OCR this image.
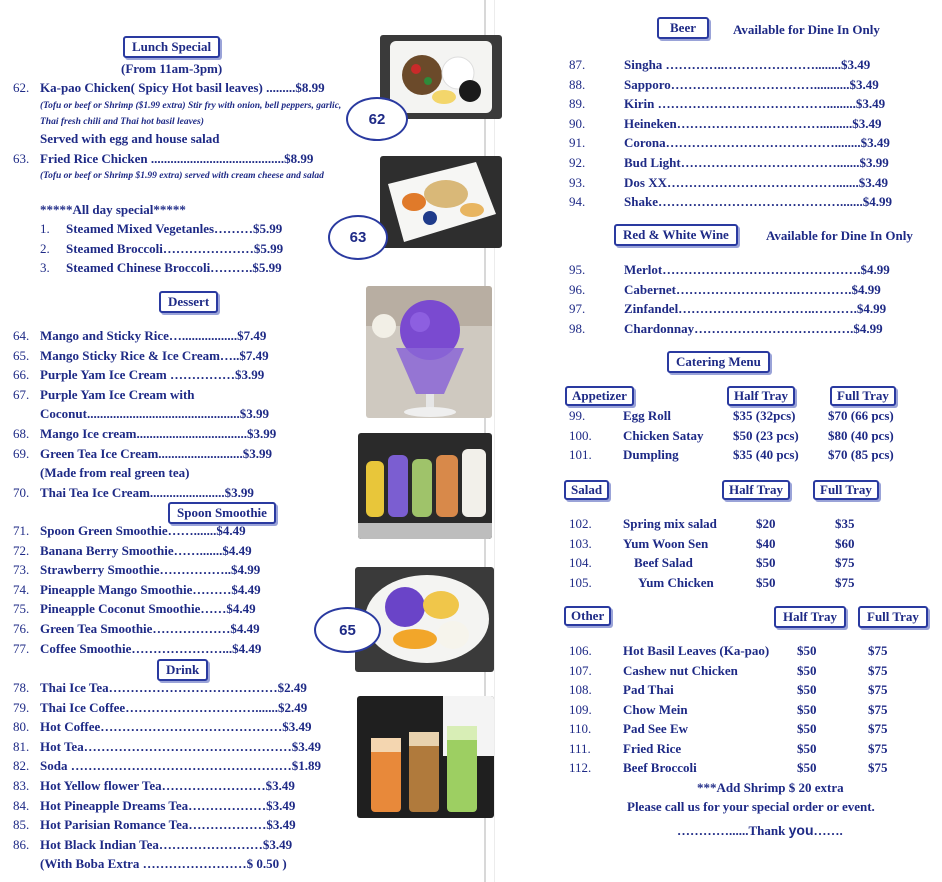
Lunch Special
(From 11am-3pm)
62. Ka-pao Chicken( Spicy Hot basil leaves) .........$8.99
(Tofu or beef or Shrimp ($1.99 extra) Stir fry with onion, bell peppers, garlic, Thai fresh chili and Thai hot basil leaves)
Served with egg and house salad
63. Fried Rice Chicken .........................................$8.99
(Tofu or beef or Shrimp $1.99 extra) served with cream cheese and salad
*****All day special*****
1.	Steamed Mixed Vegetanles………$5.99
2.	Steamed Broccoli…………………$5.99
3.	Steamed Chinese Broccoli……….$5.99
Dessert
64. Mango and Sticky Rice….................$7.49
65. Mango Sticky Rice & Ice Cream…..$7.49
66. Purple Yam Ice Cream ……………$3.99
67. Purple Yam Ice Cream with
Coconut...............................................$3.99
68. Mango Ice cream..................................$3.99
69. Green Tea Ice Cream..........................$3.99
(Made from real green tea)
70. Thai Tea Ice Cream.......................$3.99
Spoon Smoothie
71. Spoon Green Smoothie…….......$4.49
72. Banana Berry Smoothie…….......$4.49
73. Strawberry Smoothie……………..$4.99
74. Pineapple Mango Smoothie………$4.49
75. Pineapple Coconut Smoothie……$4.49
76. Green Tea Smoothie………………$4.49
77. Coffee Smoothie…………………...$4.49
Drink
78. Thai Ice Tea…………………………………$2.49
79. Thai Ice Coffee………………………….......$2.49
80. Hot Coffee……………………………………$3.49
81. Hot Tea…………………………………………$3.49
82. Soda ……………………………………………$1.89
83. Hot Yellow flower Tea……………………$3.49
84. Hot Pineapple Dreams Tea………………$3.49
85. Hot Parisian Romance Tea………………$3.49
86. Hot Black Indian Tea……………………$3.49
(With Boba Extra ……………………$ 0.50 )
62
63
65
Beer	Available for Dine In Only
87.	Singha …………..…………………........$3.49
88.	Sapporo……………………………...........$3.49
89.	Kirin ………………………………….........$3.49
90.	Heineken……………………………..........$3.49
91.	Corona…………………………………........$3.49
92.	Bud Light……………………………….......$3.99
93.	Dos XX………………………………….......$3.49
94.	Shake…………………………………….......$4.99
Red & White Wine	Available for Dine In Only
95.	Merlot……………………………………….$4.99
96.	Cabernet……………………….………….$4.99
97.	Zinfandel…………………………..……….$4.99
98.	Chardonnay……………………………….$4.99
Catering Menu
Appetizer	Half Tray	Full Tray
99.	Egg Roll	$35 (32pcs)	$70 (66 pcs)
100. Chicken Satay $50 (23 pcs) $80 (40 pcs)
101. Dumpling	$35 (40 pcs) $70 (85 pcs)
Salad	Half Tray	Full Tray
102. Spring mix salad	$20	$35
103. Yum Woon Sen	$40	$60
104.	Beef Salad	$50	$75
105.	Yum Chicken	$50	$75
Other	Half Tray	Full Tray
106. Hot Basil Leaves (Ka-pao) $50	$75
107. Cashew nut Chicken	$50	$75
108. Pad Thai	$50	$75
109. Chow Mein	$50	$75
110. Pad See Ew	$50	$75
111. Fried Rice	$50	$75
112. Beef Broccoli	$50	$75
***Add Shrimp $ 20 extra
Please call us for your special order or event.
…………......Thank you…….
